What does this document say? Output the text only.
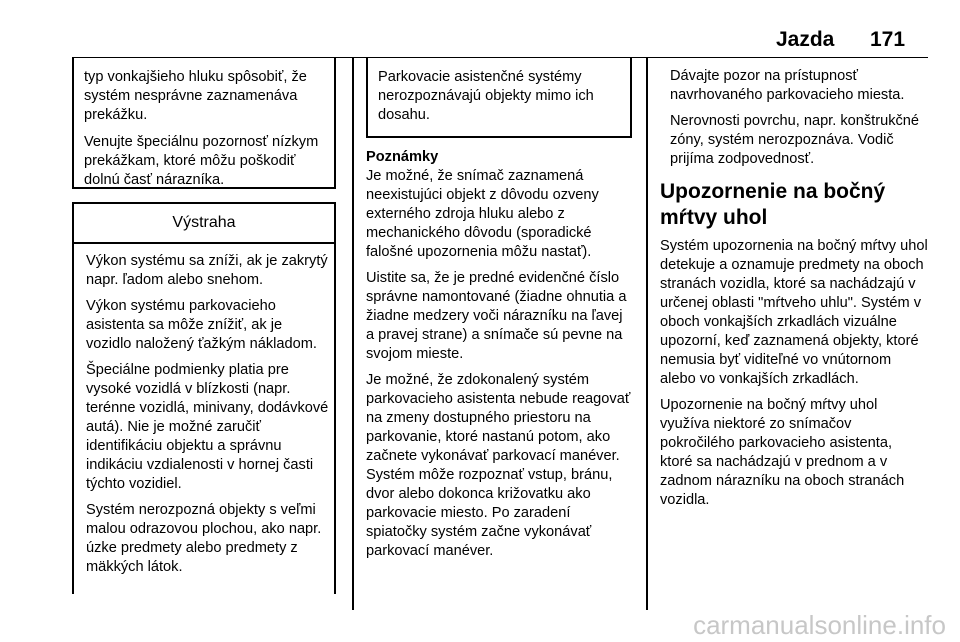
Jazda 171

typ vonkajšieho hluku spôsobiť, že systém nesprávne zaznamenáva prekážku.

Venujte špeciálnu pozornosť nízkym prekážkam, ktoré môžu poškodiť dolnú časť nárazníka.

Výstraha

Výkon systému sa zníži, ak je zakrytý napr. ľadom alebo snehom.

Výkon systému parkovacieho asistenta sa môže znížiť, ak je vozidlo naložený ťažkým nákladom.

Špeciálne podmienky platia pre vysoké vozidlá v blízkosti (napr. terénne vozidlá, minivany, dodávkové autá). Nie je možné zaručiť identifikáciu objektu a správnu indikáciu vzdialenosti v hornej časti týchto vozidiel.

Systém nerozpozná objekty s veľmi malou odrazovou plochou, ako napr. úzke predmety alebo predmety z mäkkých látok.

Parkovacie asistenčné systémy nerozpoznávajú objekty mimo ich dosahu.

Poznámky

Je možné, že snímač zaznamená neexistujúci objekt z dôvodu ozveny externého zdroja hluku alebo z mechanického dôvodu (sporadické falošné upozornenia môžu nastať).

Uistite sa, že je predné evidenčné číslo správne namontované (žiadne ohnutia a žiadne medzery voči nárazníku na ľavej a pravej strane) a snímače sú pevne na svojom mieste.

Je možné, že zdokonalený systém parkovacieho asistenta nebude reagovať na zmeny dostupného priestoru na parkovanie, ktoré nastanú potom, ako začnete vykonávať parkovací manéver. Systém môže rozpoznať vstup, bránu, dvor alebo dokonca križovatku ako parkovacie miesto. Po zaradení spiatočky systém začne vykonávať parkovací manéver.

Dávajte pozor na prístupnosť navrhovaného parkovacieho miesta.

Nerovnosti povrchu, napr. konštrukčné zóny, systém nerozpoznáva. Vodič prijíma zodpovednosť.

Upozornenie na bočný mŕtvy uhol

Systém upozornenia na bočný mŕtvy uhol detekuje a oznamuje predmety na oboch stranách vozidla, ktoré sa nachádzajú v určenej oblasti "mŕtveho uhlu". Systém v oboch vonkajších zrkadlách vizuálne upozorní, keď zaznamená objekty, ktoré nemusia byť viditeľné vo vnútornom alebo vo vonkajších zrkadlách.

Upozornenie na bočný mŕtvy uhol využíva niektoré zo snímačov pokročilého parkovacieho asistenta, ktoré sa nachádzajú v prednom a v zadnom nárazníku na oboch stranách vozidla.

carmanualsonline.info
